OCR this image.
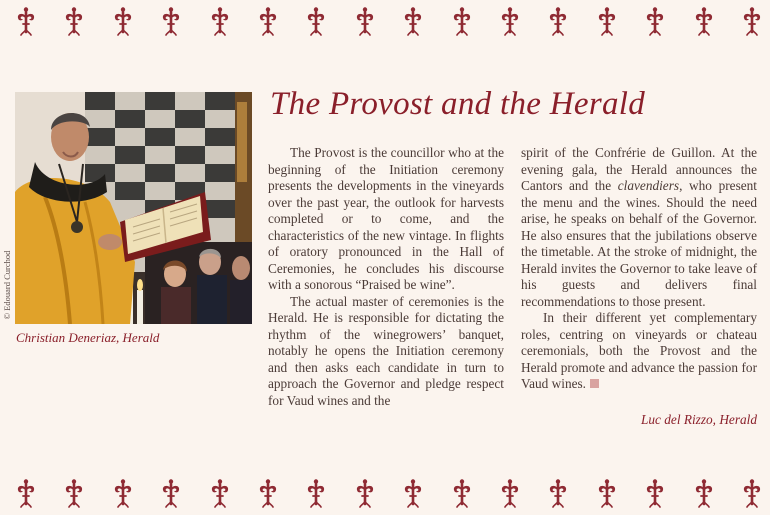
© Edouard Curchod
Christian Deneriaz, Herald
The Provost and the Herald

The Provost is the councillor who at the beginning of the Initiation ceremony presents the developments in the vineyards over the past year, the outlook for harvests completed or to come, and the characteristics of the new vintage. In flights of oratory pronounced in the Hall of Ceremonies, he concludes his discourse with a sonorous “Praised be wine”.

The actual master of ceremonies is the Herald. He is responsible for dictating the rhythm of the winegrowers’ banquet, notably he opens the Initiation ceremony and then asks each candidate in turn to approach the Governor and pledge respect for Vaud wines and the

spirit of the Confrérie de Guillon. At the evening gala, the Herald announces the Cantors and the clavendiers, who present the menu and the wines. Should the need arise, he speaks on behalf of the Governor. He also ensures that the jubilations observe the timetable. At the stroke of midnight, the Herald invites the Governor to take leave of his guests and delivers final recommendations to those present.

In their different yet complementary roles, centring on vineyards or chateau ceremonials, both the Provost and the Herald promote and advance the passion for Vaud wines.

Luc del Rizzo, Herald
